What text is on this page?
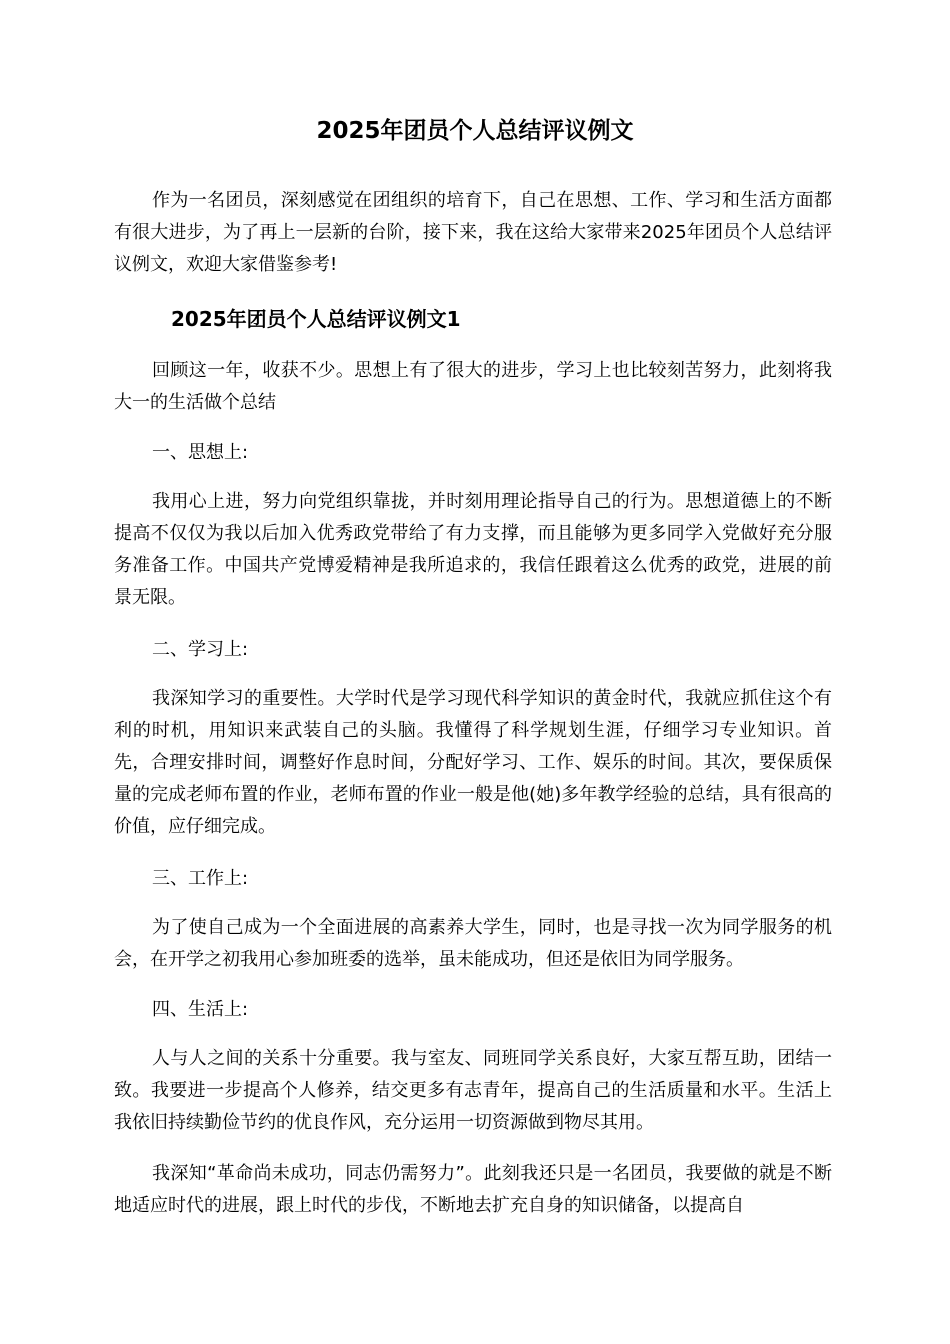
2025年团员个人总结评议例文

作为一名团员，深刻感觉在团组织的培育下，自己在思想、工作、学习和生活方面都有很大进步，为了再上一层新的台阶，接下来，我在这给大家带来2025年团员个人总结评议例文，欢迎大家借鉴参考!

2025年团员个人总结评议例文1

回顾这一年，收获不少。思想上有了很大的进步，学习上也比较刻苦努力，此刻将我大一的生活做个总结

一、思想上:

我用心上进，努力向党组织靠拢，并时刻用理论指导自己的行为。思想道德上的不断提高不仅仅为我以后加入优秀政党带给了有力支撑，而且能够为更多同学入党做好充分服务准备工作。中国共产党博爱精神是我所追求的，我信任跟着这么优秀的政党，进展的前景无限。

二、学习上:

我深知学习的重要性。大学时代是学习现代科学知识的黄金时代，我就应抓住这个有利的时机，用知识来武装自己的头脑。我懂得了科学规划生涯，仔细学习专业知识。首先，合理安排时间，调整好作息时间，分配好学习、工作、娱乐的时间。其次，要保质保量的完成老师布置的作业，老师布置的作业一般是他(她)多年教学经验的总结，具有很高的价值，应仔细完成。

三、工作上:

为了使自己成为一个全面进展的高素养大学生，同时，也是寻找一次为同学服务的机会，在开学之初我用心参加班委的选举，虽未能成功，但还是依旧为同学服务。

四、生活上:

人与人之间的关系十分重要。我与室友、同班同学关系良好，大家互帮互助，团结一致。我要进一步提高个人修养，结交更多有志青年，提高自己的生活质量和水平。生活上我依旧持续勤俭节约的优良作风，充分运用一切资源做到物尽其用。

我深知“革命尚未成功，同志仍需努力”。此刻我还只是一名团员，我要做的就是不断地适应时代的进展，跟上时代的步伐，不断地去扩充自身的知识储备，以提高自
